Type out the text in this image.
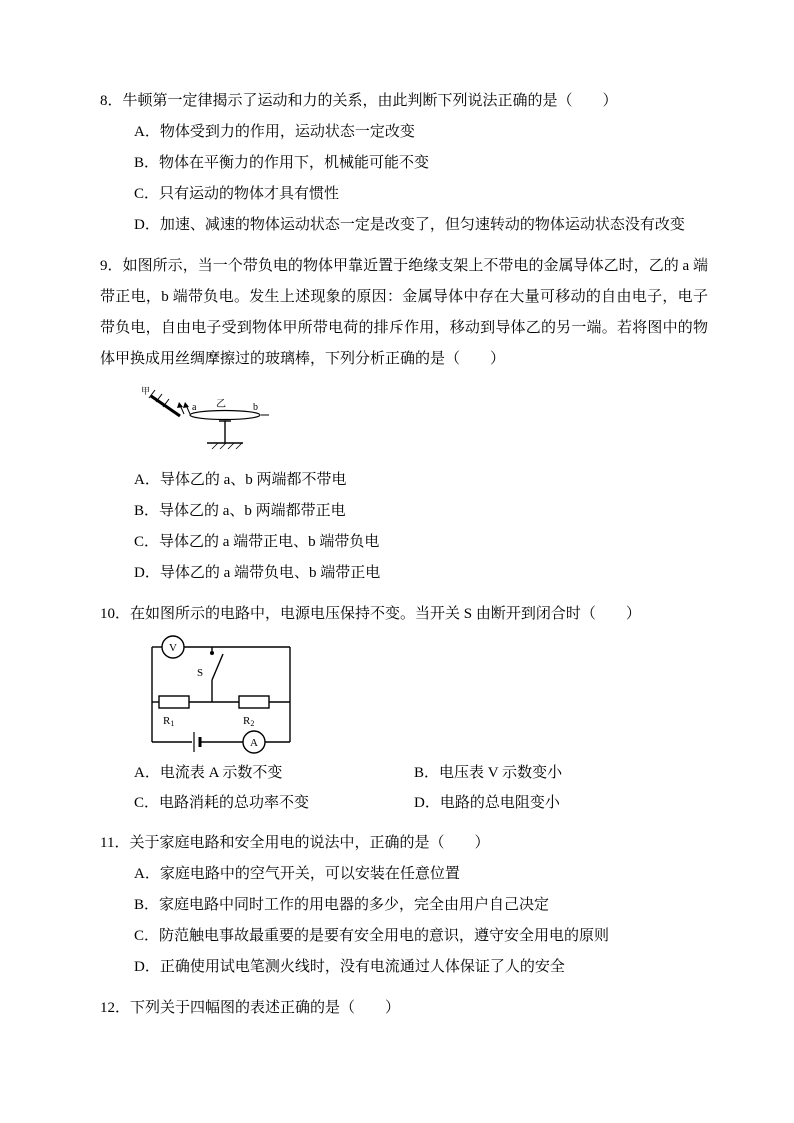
8．牛顿第一定律揭示了运动和力的关系，由此判断下列说法正确的是（　　）
A．物体受到力的作用，运动状态一定改变
B．物体在平衡力的作用下，机械能可能不变
C．只有运动的物体才具有惯性
D．加速、减速的物体运动状态一定是改变了，但匀速转动的物体运动状态没有改变
9．如图所示，当一个带负电的物体甲靠近置于绝缘支架上不带电的金属导体乙时，乙的 a 端带正电，b 端带负电。发生上述现象的原因：金属导体中存在大量可移动的自由电子，电子带负电，自由电子受到物体甲所带电荷的排斥作用，移动到导体乙的另一端。若将图中的物体甲换成用丝绸摩擦过的玻璃棒，下列分析正确的是（　　）
甲
a 乙	b
A．导体乙的 a、b 两端都不带电
B．导体乙的 a、b 两端都带正电
C．导体乙的 a 端带正电、b 端带负电
D．导体乙的 a 端带负电、b 端带正电
10．在如图所示的电路中，电源电压保持不变。当开关 S 由断开到闭合时（　　）
V
S
R1	R2
A
A．电流表 A 示数不变	B．电压表 V 示数变小
C．电路消耗的总功率不变	D．电路的总电阻变小
11．关于家庭电路和安全用电的说法中，正确的是（　　）
A．家庭电路中的空气开关，可以安装在任意位置
B．家庭电路中同时工作的用电器的多少，完全由用户自己决定
C．防范触电事故最重要的是要有安全用电的意识，遵守安全用电的原则
D．正确使用试电笔测火线时，没有电流通过人体保证了人的安全
12．下列关于四幅图的表述正确的是（　　）
